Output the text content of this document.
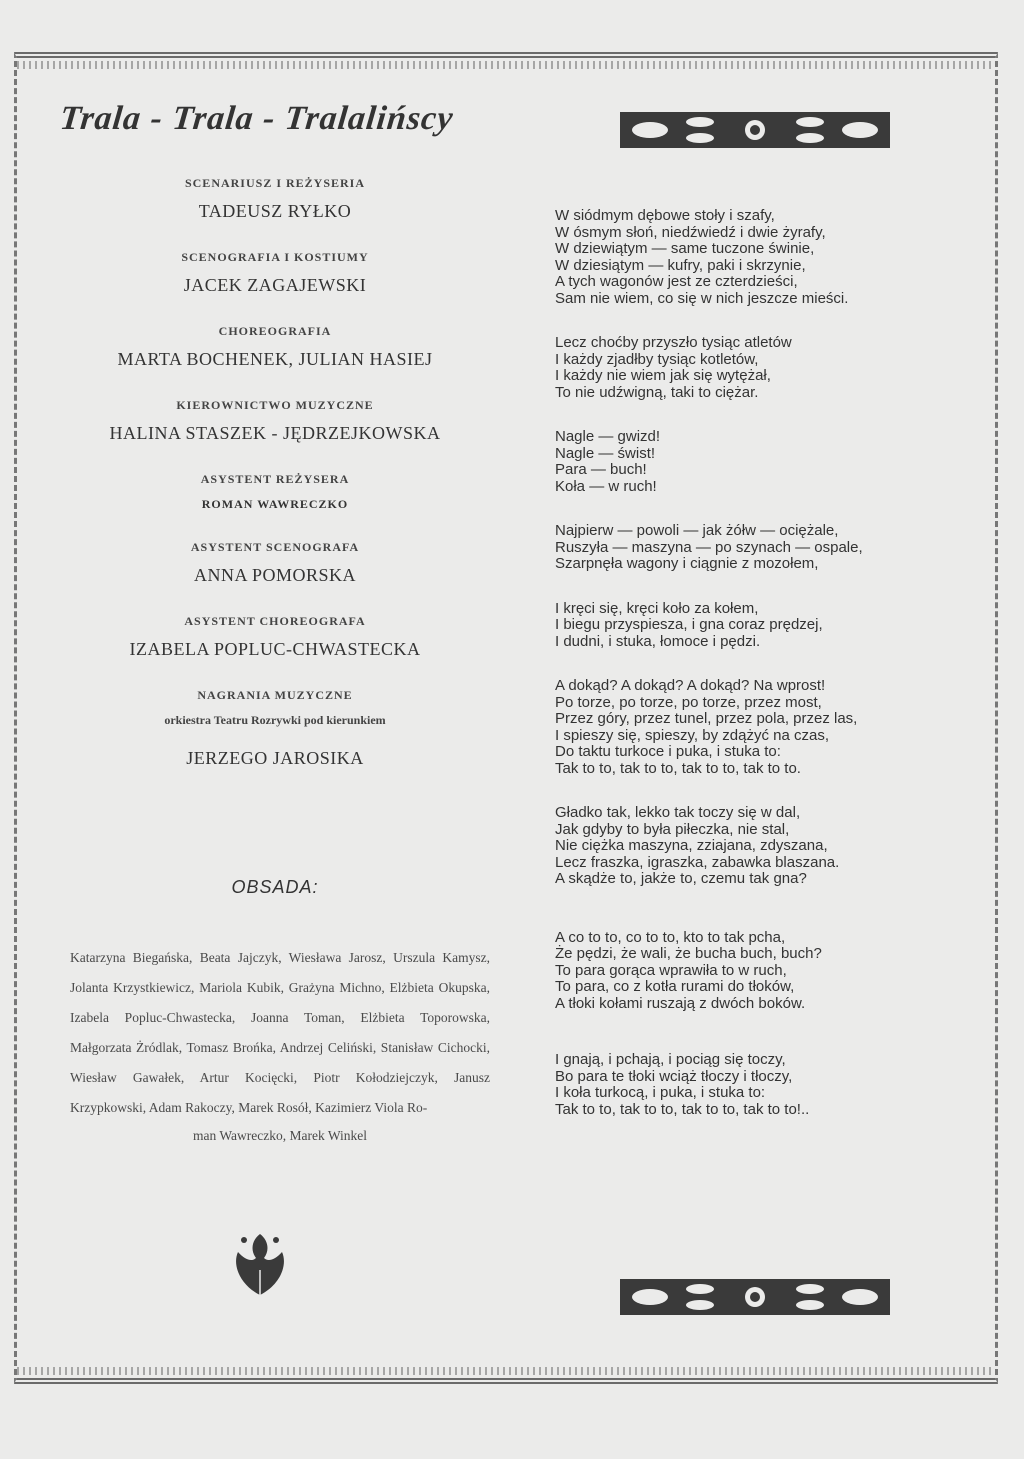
Trala - Trala - Tralalińscy

SCENARIUSZ I REŻYSERIA

TADEUSZ RYŁKO

SCENOGRAFIA I KOSTIUMY

JACEK ZAGAJEWSKI

CHOREOGRAFIA

MARTA BOCHENEK, JULIAN HASIEJ

KIEROWNICTWO MUZYCZNE

HALINA STASZEK - JĘDRZEJKOWSKA

ASYSTENT REŻYSERA

ROMAN WAWRECZKO

ASYSTENT SCENOGRAFA

ANNA POMORSKA

ASYSTENT CHOREOGRAFA

IZABELA POPLUC-CHWASTECKA

NAGRANIA MUZYCZNE

orkiestra Teatru Rozrywki pod kierunkiem

JERZEGO JAROSIKA

OBSADA:

Katarzyna Biegańska, Beata Jajczyk, Wiesława Jarosz, Urszula Kamysz, Jolanta Krzystkiewicz, Mariola Kubik, Grażyna Michno, Elżbieta Okupska, Izabela Popluc-Chwastecka, Joanna Toman, Elżbieta Toporowska, Małgorzata Żródlak, Tomasz Brońka, Andrzej Celiński, Stanisław Cichocki, Wiesław Gawałek, Artur Kocięcki, Piotr Kołodziejczyk, Janusz Krzypkowski, Adam Rakoczy, Marek Rosół, Kazimierz Viola Ro-

man Wawreczko, Marek Winkel

W siódmym dębowe stoły i szafy,

W ósmym słoń, niedźwiedź i dwie żyrafy,

W dziewiątym — same tuczone świnie,

W dziesiątym — kufry, paki i skrzynie,

A tych wagonów jest ze czterdzieści,

Sam nie wiem, co się w nich jeszcze mieści.

Lecz choćby przyszło tysiąc atletów

I każdy zjadłby tysiąc kotletów,

I każdy nie wiem jak się wytężał,

To nie udźwigną, taki to ciężar.

Nagle — gwizd!

Nagle — świst!

Para — buch!

Koła — w ruch!

Najpierw — powoli — jak żółw — ociężale,

Ruszyła — maszyna — po szynach — ospale,

Szarpnęła wagony i ciągnie z mozołem,

I kręci się, kręci koło za kołem,

I biegu przyspiesza, i gna coraz prędzej,

I dudni, i stuka, łomoce i pędzi.

A dokąd? A dokąd? A dokąd? Na wprost!

Po torze, po torze, po torze, przez most,

Przez góry, przez tunel, przez pola, przez las,

I spieszy się, spieszy, by zdążyć na czas,

Do taktu turkoce i puka, i stuka to:

Tak to to, tak to to, tak to to, tak to to.

Gładko tak, lekko tak toczy się w dal,

Jak gdyby to była piłeczka, nie stal,

Nie ciężka maszyna, zziajana, zdyszana,

Lecz fraszka, igraszka, zabawka blaszana.

A skądże to, jakże to, czemu tak gna?

A co to to, co to to, kto to tak pcha,

Że pędzi, że wali, że bucha buch, buch?

To para gorąca wprawiła to w ruch,

To para, co z kotła rurami do tłoków,

A tłoki kołami ruszają z dwóch boków.

I gnają, i pchają, i pociąg się toczy,

Bo para te tłoki wciąż tłoczy i tłoczy,

I koła turkocą, i puka, i stuka to:

Tak to to, tak to to, tak to to, tak to to!..
